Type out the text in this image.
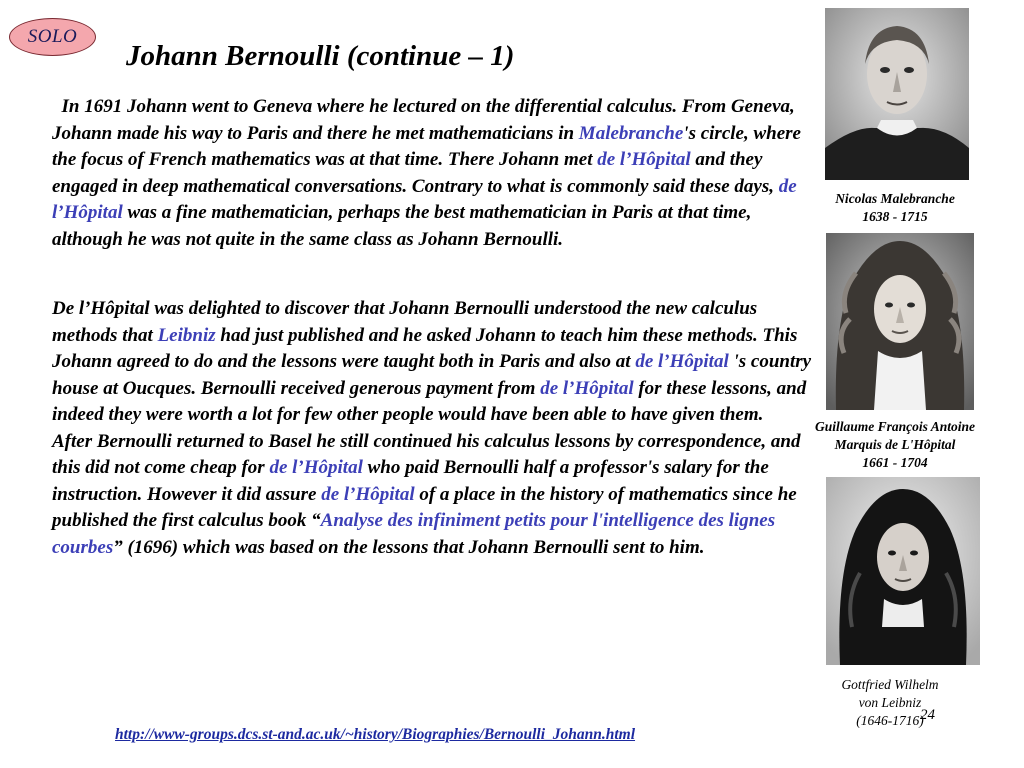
SOLO
Johann Bernoulli (continue – 1)

In 1691 Johann went to Geneva where he lectured on the differential calculus. From Geneva, Johann made his way to Paris and there he met mathematicians in Malebranche's circle, where the focus of French mathematics was at that time. There Johann met de l’Hôpital and they engaged in deep mathematical conversations. Contrary to what is commonly said these days, de l’Hôpital was a fine mathematician, perhaps the best mathematician in Paris at that time, although he was not quite in the same class as Johann Bernoulli.

De l’Hôpital was delighted to discover that Johann Bernoulli understood the new calculus methods that Leibniz had just published and he asked Johann to teach him these methods. This Johann agreed to do and the lessons were taught both in Paris and also at de l’Hôpital 's country house at Oucques. Bernoulli received generous payment from de l’Hôpital for these lessons, and indeed they were worth a lot for few other people would have been able to have given them.
After Bernoulli returned to Basel he still continued his calculus lessons by correspondence, and this did not come cheap for de l’Hôpital who paid Bernoulli half a professor's salary for the instruction. However it did assure de l’Hôpital of a place in the history of mathematics since he published the first calculus book “Analyse des infiniment petits pour l'intelligence des lignes courbes” (1696) which was based on the lessons that Johann Bernoulli sent to him.

Nicolas Malebranche
1638 - 1715
Guillaume François Antoine
Marquis de L'Hôpital
1661 - 1704
Gottfried Wilhelm
von Leibniz
(1646-1716)
24
http://www-groups.dcs.st-and.ac.uk/~history/Biographies/Bernoulli_Johann.html
